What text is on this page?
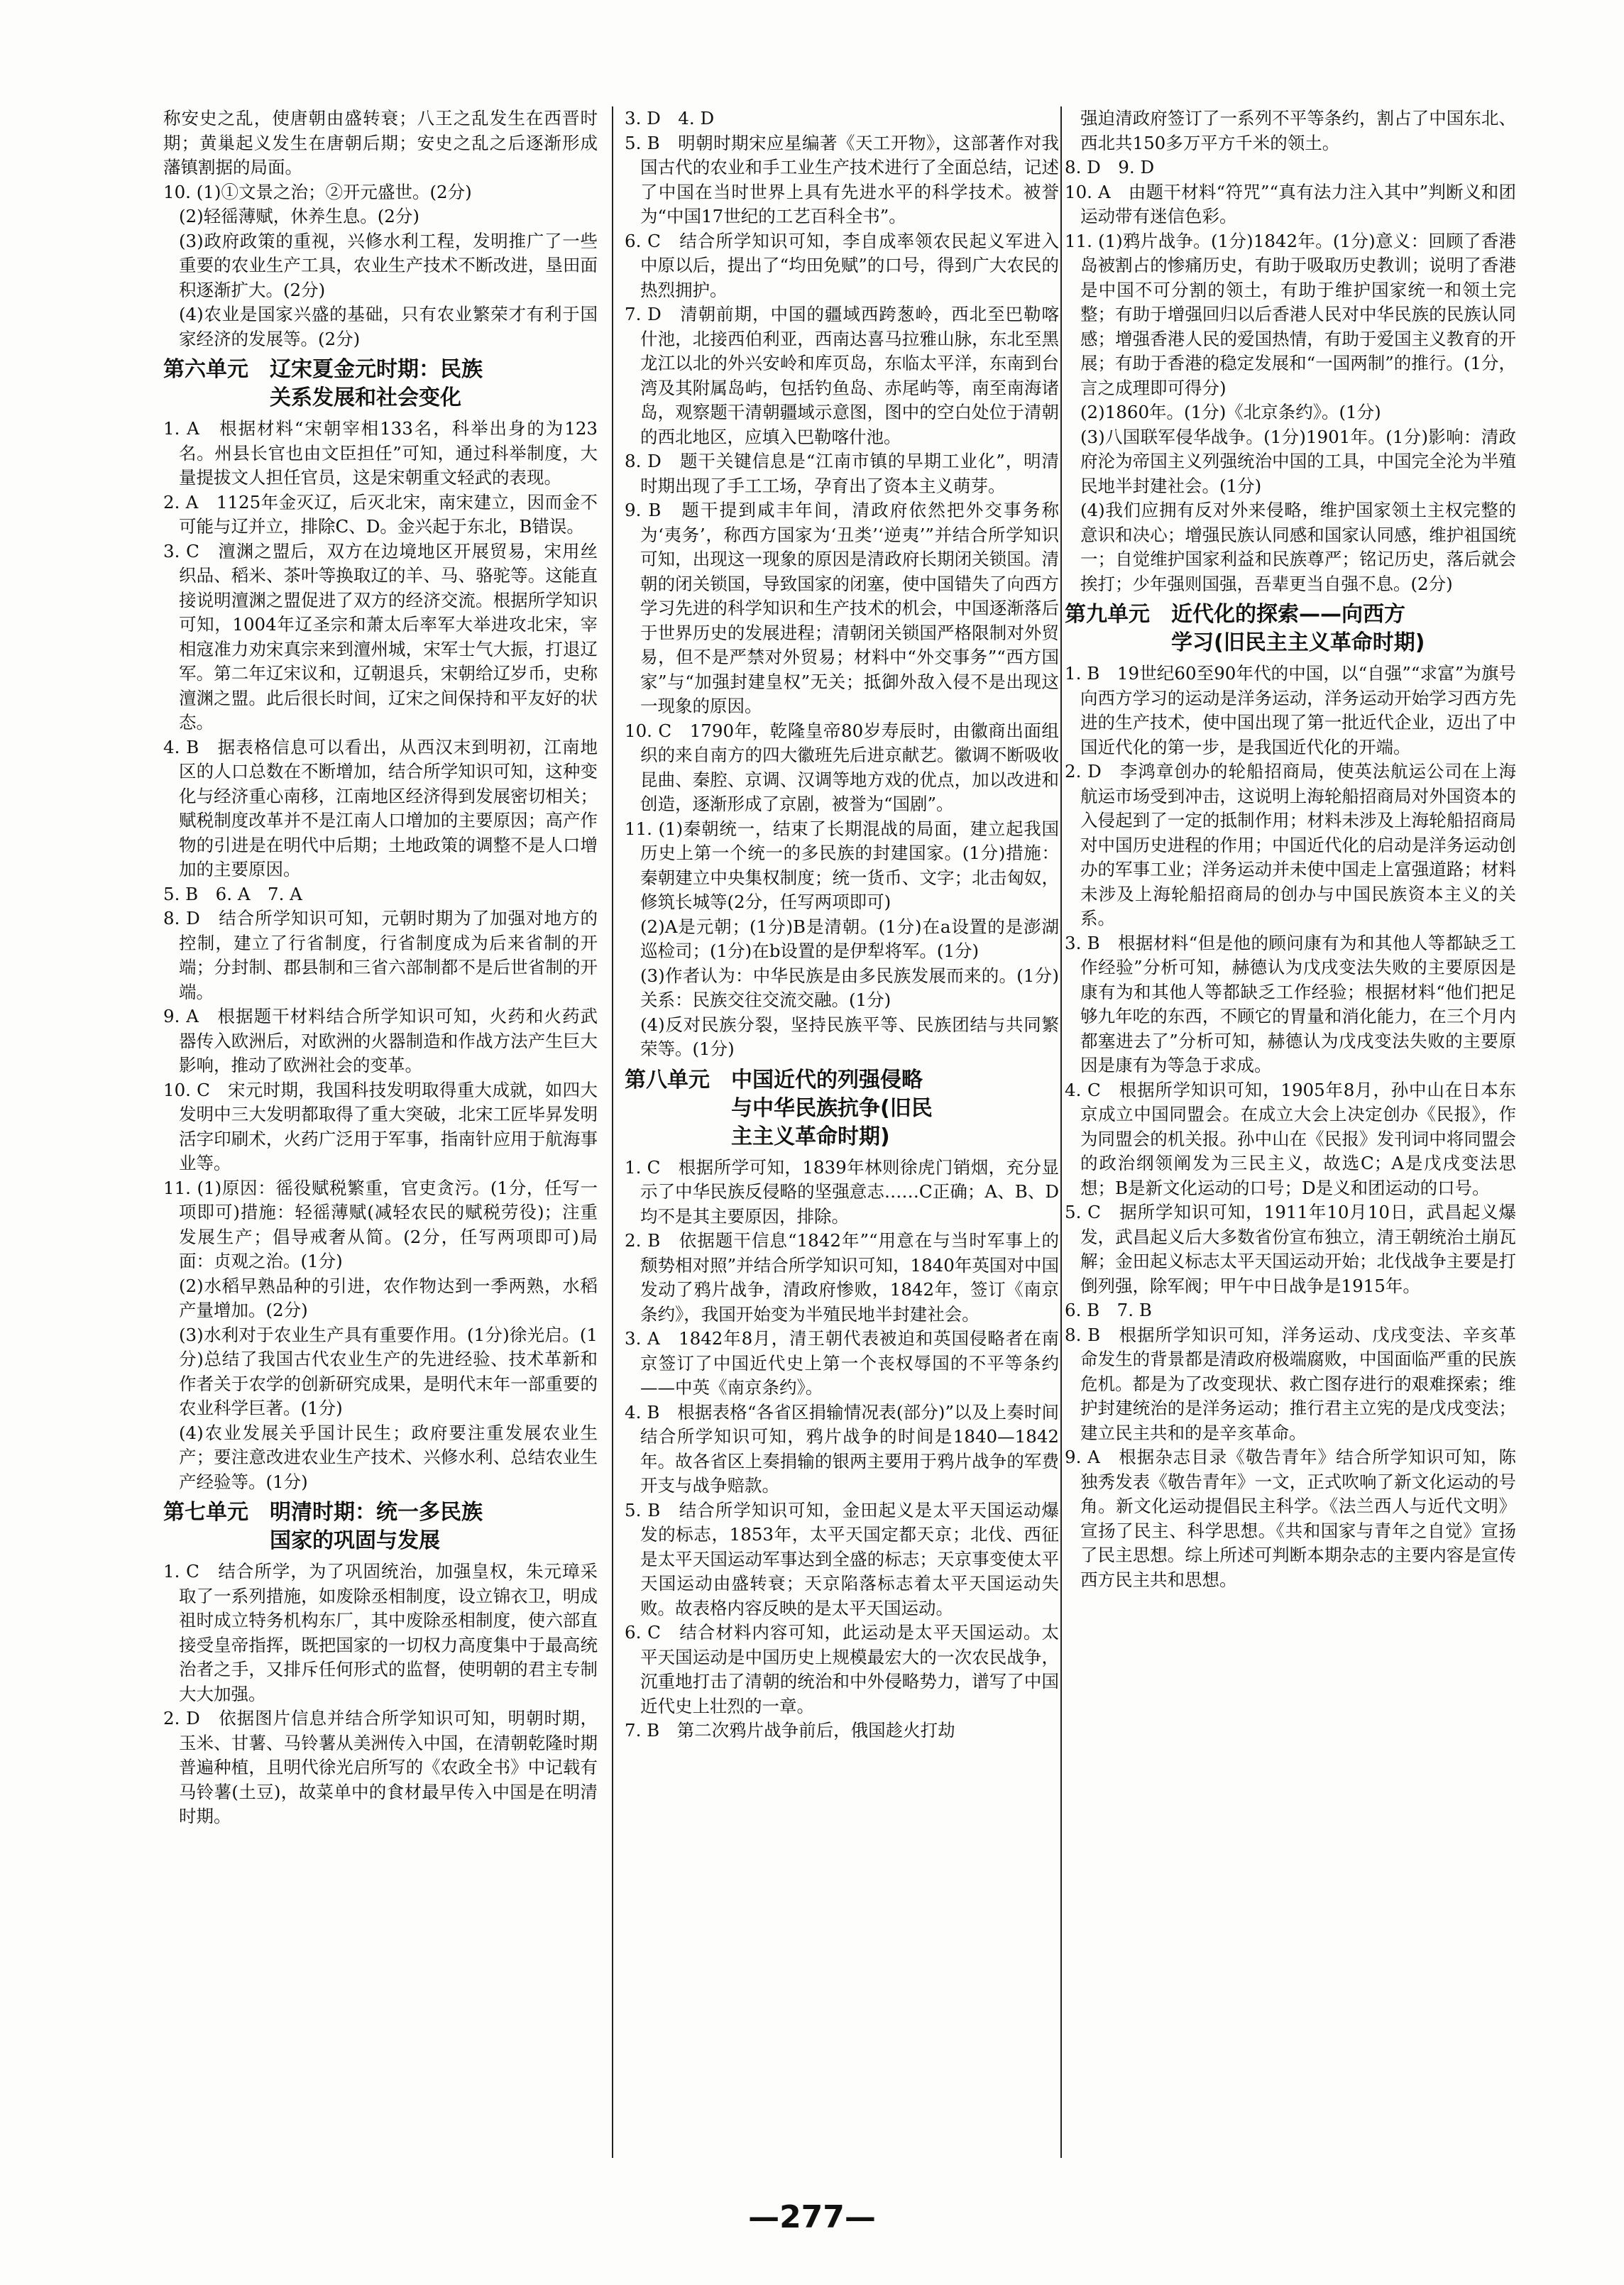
称安史之乱，使唐朝由盛转衰；八王之乱发生在西晋时期；黄巢起义发生在唐朝后期；安史之乱之后逐渐形成藩镇割据的局面。

10. (1)①文景之治；②开元盛世。(2分)

(2)轻徭薄赋，休养生息。(2分)

(3)政府政策的重视，兴修水利工程，发明推广了一些重要的农业生产工具，农业生产技术不断改进，垦田面积逐渐扩大。(2分)

(4)农业是国家兴盛的基础，只有农业繁荣才有利于国家经济的发展等。(2分)

第六单元　辽宋夏金元时期：民族
关系发展和社会变化

1. A　根据材料“宋朝宰相133名，科举出身的为123名。州县长官也由文臣担任”可知，通过科举制度，大量提拔文人担任官员，这是宋朝重文轻武的表现。

2. A　1125年金灭辽，后灭北宋，南宋建立，因而金不可能与辽并立，排除C、D。金兴起于东北，B错误。

3. C　澶渊之盟后，双方在边境地区开展贸易，宋用丝织品、稻米、茶叶等换取辽的羊、马、骆驼等。这能直接说明澶渊之盟促进了双方的经济交流。根据所学知识可知，1004年辽圣宗和萧太后率军大举进攻北宋，宰相寇准力劝宋真宗来到澶州城，宋军士气大振，打退辽军。第二年辽宋议和，辽朝退兵，宋朝给辽岁币，史称澶渊之盟。此后很长时间，辽宋之间保持和平友好的状态。

4. B　据表格信息可以看出，从西汉末到明初，江南地区的人口总数在不断增加，结合所学知识可知，这种变化与经济重心南移，江南地区经济得到发展密切相关；赋税制度改革并不是江南人口增加的主要原因；高产作物的引进是在明代中后期；土地政策的调整不是人口增加的主要原因。

5. B　6. A　7. A

8. D　结合所学知识可知，元朝时期为了加强对地方的控制，建立了行省制度，行省制度成为后来省制的开端；分封制、郡县制和三省六部制都不是后世省制的开端。

9. A　根据题干材料结合所学知识可知，火药和火药武器传入欧洲后，对欧洲的火器制造和作战方法产生巨大影响，推动了欧洲社会的变革。

10. C　宋元时期，我国科技发明取得重大成就，如四大发明中三大发明都取得了重大突破，北宋工匠毕昇发明活字印刷术，火药广泛用于军事，指南针应用于航海事业等。

11. (1)原因：徭役赋税繁重，官吏贪污。(1分，任写一项即可)措施：轻徭薄赋(减轻农民的赋税劳役)；注重发展生产；倡导戒奢从简。(2分，任写两项即可)局面：贞观之治。(1分)

(2)水稻早熟品种的引进，农作物达到一季两熟，水稻产量增加。(2分)

(3)水利对于农业生产具有重要作用。(1分)徐光启。(1分)总结了我国古代农业生产的先进经验、技术革新和作者关于农学的创新研究成果，是明代末年一部重要的农业科学巨著。(1分)

(4)农业发展关乎国计民生；政府要注重发展农业生产；要注意改进农业生产技术、兴修水利、总结农业生产经验等。(1分)

第七单元　明清时期：统一多民族
国家的巩固与发展

1. C　结合所学，为了巩固统治，加强皇权，朱元璋采取了一系列措施，如废除丞相制度，设立锦衣卫，明成祖时成立特务机构东厂，其中废除丞相制度，使六部直接受皇帝指挥，既把国家的一切权力高度集中于最高统治者之手，又排斥任何形式的监督，使明朝的君主专制大大加强。

2. D　依据图片信息并结合所学知识可知，明朝时期，玉米、甘薯、马铃薯从美洲传入中国，在清朝乾隆时期普遍种植，且明代徐光启所写的《农政全书》中记载有马铃薯(土豆)，故菜单中的食材最早传入中国是在明清时期。

3. D　4. D

5. B　明朝时期宋应星编著《天工开物》，这部著作对我国古代的农业和手工业生产技术进行了全面总结，记述了中国在当时世界上具有先进水平的科学技术。被誉为“中国17世纪的工艺百科全书”。

6. C　结合所学知识可知，李自成率领农民起义军进入中原以后，提出了“均田免赋”的口号，得到广大农民的热烈拥护。

7. D　清朝前期，中国的疆域西跨葱岭，西北至巴勒喀什池，北接西伯利亚，西南达喜马拉雅山脉，东北至黑龙江以北的外兴安岭和库页岛，东临太平洋，东南到台湾及其附属岛屿，包括钓鱼岛、赤尾屿等，南至南海诸岛，观察题干清朝疆域示意图，图中的空白处位于清朝的西北地区，应填入巴勒喀什池。

8. D　题干关键信息是“江南市镇的早期工业化”，明清时期出现了手工工场，孕育出了资本主义萌芽。

9. B　题干提到咸丰年间，清政府依然把外交事务称为‘夷务’，称西方国家为‘丑类’‘逆夷’”并结合所学知识可知，出现这一现象的原因是清政府长期闭关锁国。清朝的闭关锁国，导致国家的闭塞，使中国错失了向西方学习先进的科学知识和生产技术的机会，中国逐渐落后于世界历史的发展进程；清朝闭关锁国严格限制对外贸易，但不是严禁对外贸易；材料中“外交事务”“西方国家”与“加强封建皇权”无关；抵御外敌入侵不是出现这一现象的原因。

10. C　1790年，乾隆皇帝80岁寿辰时，由徽商出面组织的来自南方的四大徽班先后进京献艺。徽调不断吸收昆曲、秦腔、京调、汉调等地方戏的优点，加以改进和创造，逐渐形成了京剧，被誉为“国剧”。

11. (1)秦朝统一，结束了长期混战的局面，建立起我国历史上第一个统一的多民族的封建国家。(1分)措施：秦朝建立中央集权制度；统一货币、文字；北击匈奴，修筑长城等(2分，任写两项即可)

(2)A是元朝；(1分)B是清朝。(1分)在a设置的是澎湖巡检司；(1分)在b设置的是伊犁将军。(1分)

(3)作者认为：中华民族是由多民族发展而来的。(1分)关系：民族交往交流交融。(1分)

(4)反对民族分裂，坚持民族平等、民族团结与共同繁荣等。(1分)

第八单元　中国近代的列强侵略
与中华民族抗争(旧民
主主义革命时期)

1. C　根据所学可知，1839年林则徐虎门销烟，充分显示了中华民族反侵略的坚强意志……C正确；A、B、D 均不是其主要原因，排除。

2. B　依据题干信息“1842年”“用意在与当时军事上的颓势相对照”并结合所学知识可知，1840年英国对中国发动了鸦片战争，清政府惨败，1842年，签订《南京条约》，我国开始变为半殖民地半封建社会。

3. A　1842年8月，清王朝代表被迫和英国侵略者在南京签订了中国近代史上第一个丧权辱国的不平等条约——中英《南京条约》。

4. B　根据表格“各省区捐输情况表(部分)”以及上奏时间结合所学知识可知，鸦片战争的时间是1840—1842年。故各省区上奏捐输的银两主要用于鸦片战争的军费开支与战争赔款。

5. B　结合所学知识可知，金田起义是太平天国运动爆发的标志，1853年，太平天国定都天京；北伐、西征是太平天国运动军事达到全盛的标志；天京事变使太平天国运动由盛转衰；天京陷落标志着太平天国运动失败。故表格内容反映的是太平天国运动。

6. C　结合材料内容可知，此运动是太平天国运动。太平天国运动是中国历史上规模最宏大的一次农民战争，沉重地打击了清朝的统治和中外侵略势力，谱写了中国近代史上壮烈的一章。

7. B　第二次鸦片战争前后，俄国趁火打劫

强迫清政府签订了一系列不平等条约，割占了中国东北、西北共150多万平方千米的领土。

8. D　9. D

10. A　由题干材料“符咒”“真有法力注入其中”判断义和团运动带有迷信色彩。

11. (1)鸦片战争。(1分)1842年。(1分)意义：回顾了香港岛被割占的惨痛历史，有助于吸取历史教训；说明了香港是中国不可分割的领土，有助于维护国家统一和领土完整；有助于增强回归以后香港人民对中华民族的民族认同感；增强香港人民的爱国热情，有助于爱国主义教育的开展；有助于香港的稳定发展和“一国两制”的推行。(1分，言之成理即可得分)

(2)1860年。(1分)《北京条约》。(1分)

(3)八国联军侵华战争。(1分)1901年。(1分)影响：清政府沦为帝国主义列强统治中国的工具，中国完全沦为半殖民地半封建社会。(1分)

(4)我们应拥有反对外来侵略，维护国家领土主权完整的意识和决心；增强民族认同感和国家认同感，维护祖国统一；自觉维护国家利益和民族尊严；铭记历史，落后就会挨打；少年强则国强，吾辈更当自强不息。(2分)

第九单元　近代化的探索——向西方
学习(旧民主主义革命时期)

1. B　19世纪60至90年代的中国，以“自强”“求富”为旗号向西方学习的运动是洋务运动，洋务运动开始学习西方先进的生产技术，使中国出现了第一批近代企业，迈出了中国近代化的第一步，是我国近代化的开端。

2. D　李鸿章创办的轮船招商局，使英法航运公司在上海航运市场受到冲击，这说明上海轮船招商局对外国资本的入侵起到了一定的抵制作用；材料未涉及上海轮船招商局对中国历史进程的作用；中国近代化的启动是洋务运动创办的军事工业；洋务运动并未使中国走上富强道路；材料未涉及上海轮船招商局的创办与中国民族资本主义的关系。

3. B　根据材料“但是他的顾问康有为和其他人等都缺乏工作经验”分析可知，赫德认为戊戌变法失败的主要原因是康有为和其他人等都缺乏工作经验；根据材料“他们把足够九年吃的东西，不顾它的胃量和消化能力，在三个月内都塞进去了”分析可知，赫德认为戊戌变法失败的主要原因是康有为等急于求成。

4. C　根据所学知识可知，1905年8月，孙中山在日本东京成立中国同盟会。在成立大会上决定创办《民报》，作为同盟会的机关报。孙中山在《民报》发刊词中将同盟会的政治纲领阐发为三民主义，故选C；A是戊戌变法思想；B是新文化运动的口号；D是义和团运动的口号。

5. C　据所学知识可知，1911年10月10日，武昌起义爆发，武昌起义后大多数省份宣布独立，清王朝统治土崩瓦解；金田起义标志太平天国运动开始；北伐战争主要是打倒列强，除军阀；甲午中日战争是1915年。

6. B　7. B

8. B　根据所学知识可知，洋务运动、戊戌变法、辛亥革命发生的背景都是清政府极端腐败，中国面临严重的民族危机。都是为了改变现状、救亡图存进行的艰难探索；维护封建统治的是洋务运动；推行君主立宪的是戊戌变法；建立民主共和的是辛亥革命。

9. A　根据杂志目录《敬告青年》结合所学知识可知，陈独秀发表《敬告青年》一文，正式吹响了新文化运动的号角。新文化运动提倡民主科学。《法兰西人与近代文明》宣扬了民主、科学思想。《共和国家与青年之自觉》宣扬了民主思想。综上所述可判断本期杂志的主要内容是宣传西方民主共和思想。

—277—
